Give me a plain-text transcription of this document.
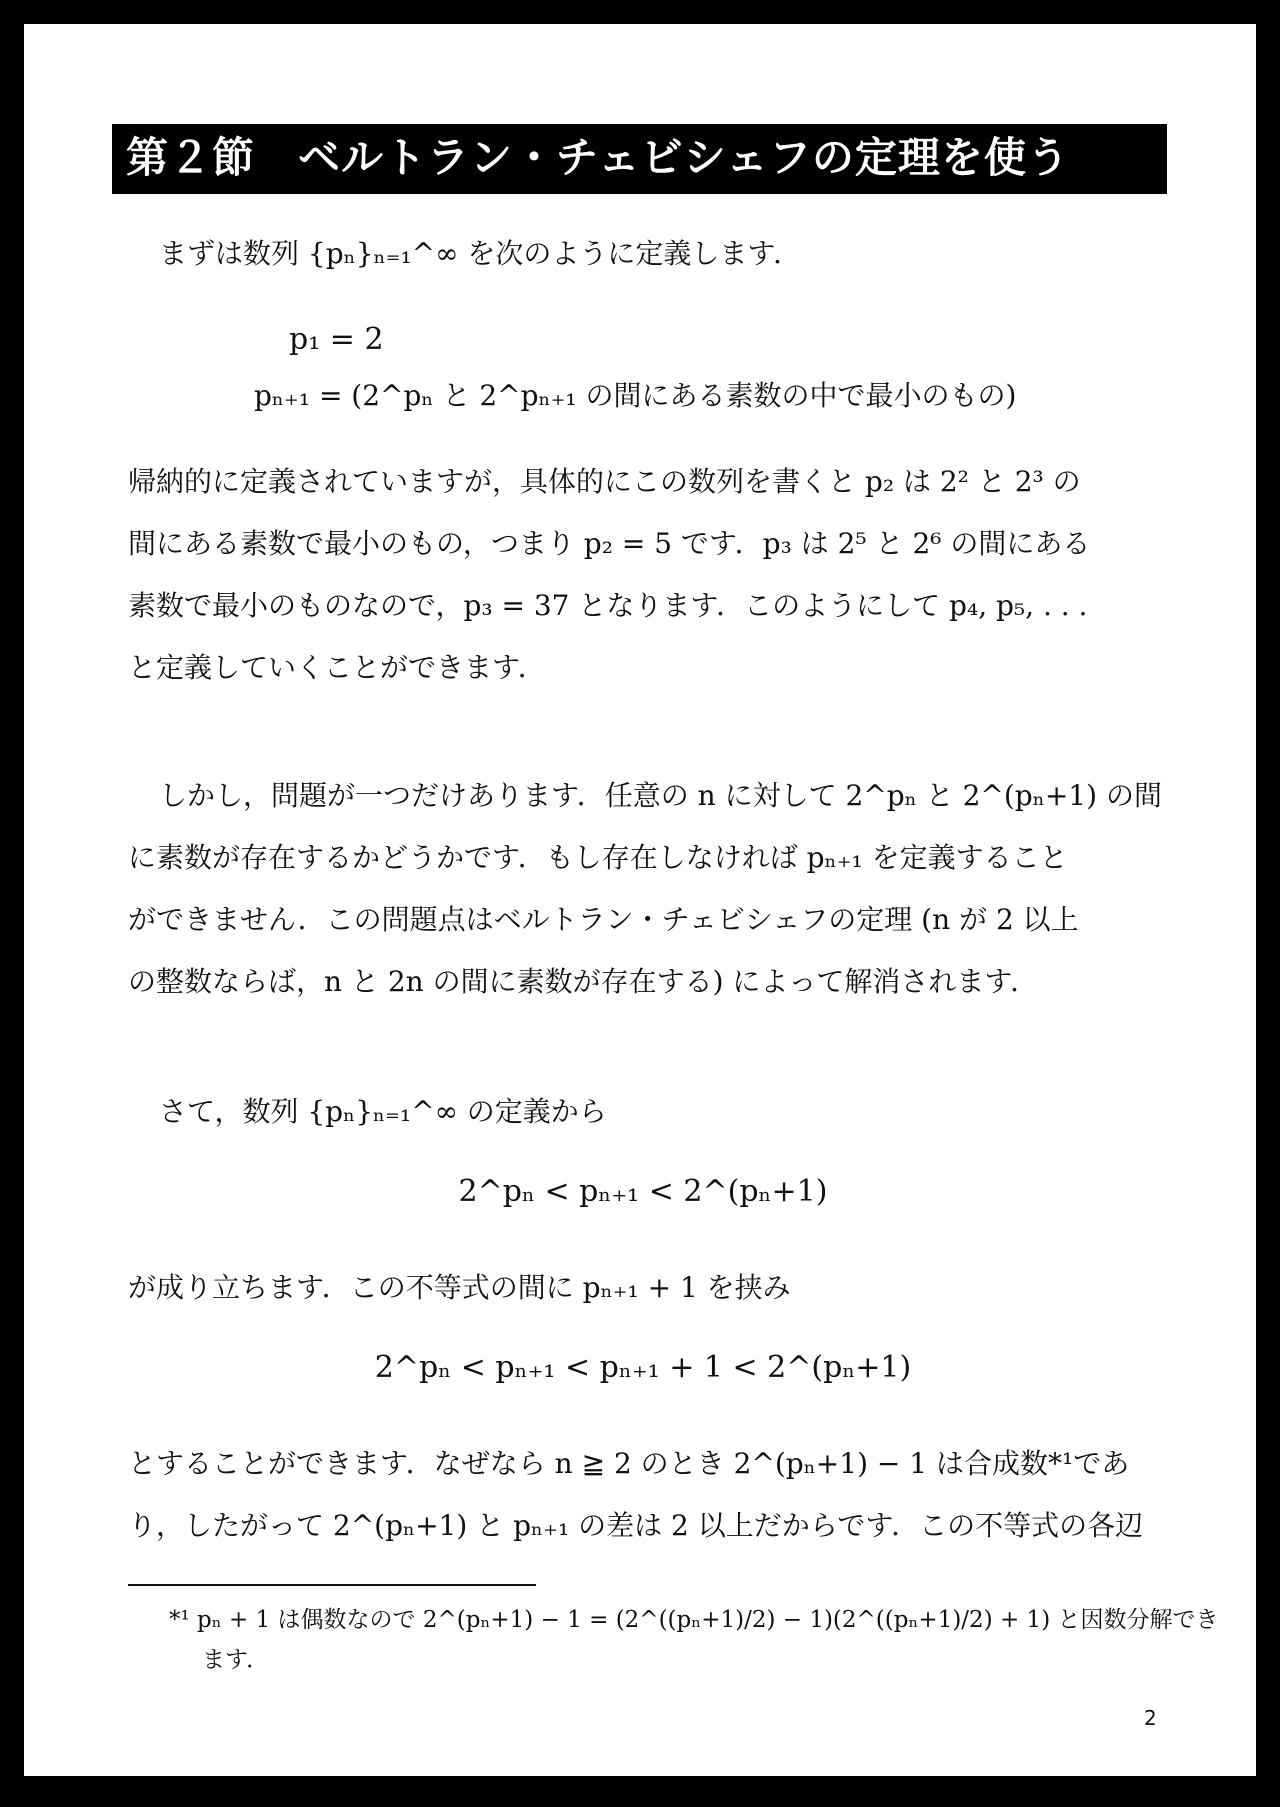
第２節　ベルトラン・チェビシェフの定理を使う
まずは数列 {pₙ}ₙ₌₁^∞ を次のように定義します．
p₁ = 2
pₙ₊₁ = (2^pₙ と 2^pₙ₊₁ の間にある素数の中で最小のもの)
帰納的に定義されていますが，具体的にこの数列を書くと p₂ は 2² と 2³ の
間にある素数で最小のもの，つまり p₂ = 5 です．p₃ は 2⁵ と 2⁶ の間にある
素数で最小のものなので，p₃ = 37 となります．このようにして p₄, p₅, . . .
と定義していくことができます．
しかし，問題が一つだけあります．任意の n に対して 2^pₙ と 2^(pₙ+1) の間
に素数が存在するかどうかです．もし存在しなければ pₙ₊₁ を定義すること
ができません．この問題点はベルトラン・チェビシェフの定理 (n が 2 以上
の整数ならば，n と 2n の間に素数が存在する) によって解消されます．
さて，数列 {pₙ}ₙ₌₁^∞ の定義から
2^pₙ < pₙ₊₁ < 2^(pₙ+1)
が成り立ちます．この不等式の間に pₙ₊₁ + 1 を挟み
2^pₙ < pₙ₊₁ < pₙ₊₁ + 1 < 2^(pₙ+1)
とすることができます．なぜなら n ≧ 2 のとき 2^(pₙ+1) − 1 は合成数*¹であ
り，したがって 2^(pₙ+1) と pₙ₊₁ の差は 2 以上だからです．この不等式の各辺
*¹ pₙ + 1 は偶数なので 2^(pₙ+1) − 1 = (2^((pₙ+1)/2) − 1)(2^((pₙ+1)/2) + 1) と因数分解でき
ます．
2
